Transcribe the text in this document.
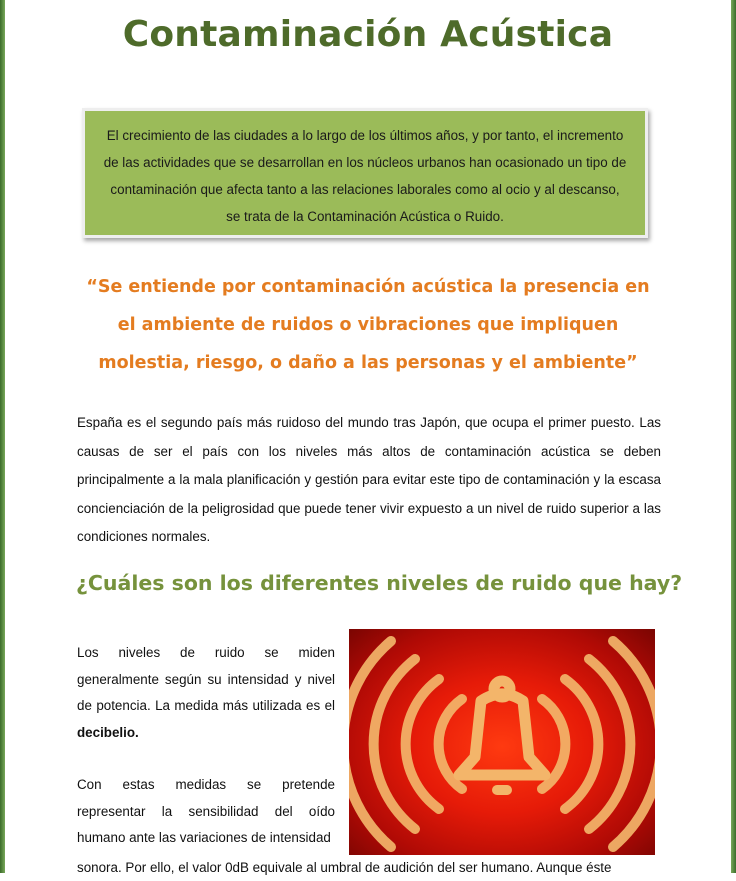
Contaminación Acústica
El crecimiento de las ciudades a lo largo de los últimos años, y por tanto, el incremento de las actividades que se desarrollan en los núcleos urbanos han ocasionado un tipo de contaminación que afecta tanto a las relaciones laborales como al ocio y al descanso, se trata de la Contaminación Acústica o Ruido.
“Se entiende por contaminación acústica la presencia en el ambiente de ruidos o vibraciones que impliquen molestia, riesgo, o daño a las personas y el ambiente”
España es el segundo país más ruidoso del mundo tras Japón, que ocupa el primer puesto. Las causas de ser el país con los niveles más altos de contaminación acústica se deben principalmente a la mala planificación y gestión para evitar este tipo de contaminación y la escasa concienciación de la peligrosidad que puede tener vivir expuesto a un nivel de ruido superior a las condiciones normales.
¿Cuáles son los diferentes niveles de ruido que hay?

Los niveles de ruido se miden generalmente según su intensidad y nivel de potencia. La medida más utilizada es el decibelio.

Con estas medidas se pretende representar la sensibilidad del oído humano ante las variaciones de intensidad

sonora. Por ello, el valor 0dB equivale al umbral de audición del ser humano. Aunque éste
